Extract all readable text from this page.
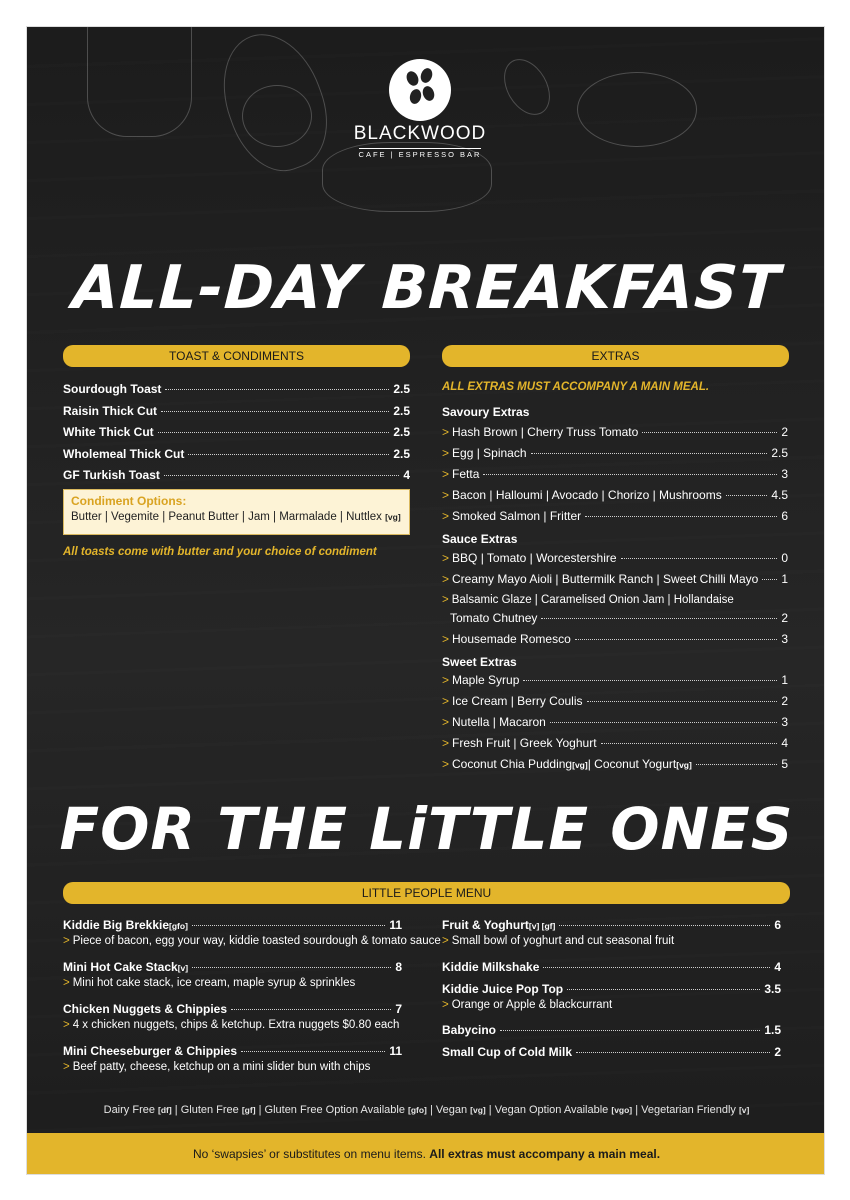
BLACKWOOD
CAFE | ESPRESSO BAR
ALL-DAY BREAKFAST
TOAST & CONDIMENTS
Sourdough Toast	2.5
Raisin Thick Cut	2.5
White Thick Cut	2.5
Wholemeal Thick Cut	2.5
GF Turkish Toast	4
Condiment Options:
Butter | Vegemite | Peanut Butter | Jam | Marmalade | Nuttlex [vg]
All toasts come with butter and your choice of condiment
EXTRAS
ALL EXTRAS MUST ACCOMPANY A MAIN MEAL.
Savoury Extras
> Hash Brown | Cherry Truss Tomato	2
> Egg | Spinach	2.5
> Fetta	3
> Bacon | Halloumi | Avocado | Chorizo | Mushrooms	4.5
> Smoked Salmon | Fritter	6
Sauce Extras
> BBQ | Tomato | Worcestershire	0
> Creamy Mayo Aioli | Buttermilk Ranch | Sweet Chilli Mayo 1
> Balsamic Glaze | Caramelised Onion Jam | Hollandaise
Tomato Chutney	2
> Housemade Romesco	3
Sweet Extras
> Maple Syrup	1
> Ice Cream | Berry Coulis	2
> Nutella | Macaron	3
> Fresh Fruit | Greek Yoghurt	4
> Coconut Chia Pudding [vg] | Coconut Yogurt [vg]	5
FOR THE LiTTLE ONES
LITTLE PEOPLE MENU
Kiddie Big Brekkie [gfo]	11
> Piece of bacon, egg your way, kiddie toasted sourdough & tomato sauce
Mini Hot Cake Stack [v]	8
> Mini hot cake stack, ice cream, maple syrup & sprinkles
Chicken Nuggets & Chippies	7
> 4 x chicken nuggets, chips & ketchup. Extra nuggets $0.80 each
Mini Cheeseburger & Chippies	11
> Beef patty, cheese, ketchup on a mini slider bun with chips
Fruit & Yoghurt [v] [gf]	6
> Small bowl of yoghurt and cut seasonal fruit
Kiddie Milkshake	4
Kiddie Juice Pop Top	3.5
> Orange or Apple & blackcurrant
Babycino	1.5
Small Cup of Cold Milk	2
Dairy Free [df] | Gluten Free [gf] | Gluten Free Option Available [gfo] | Vegan [vg] | Vegan Option Available [vgo] | Vegetarian Friendly [v]
No ‘swapsies’ or substitutes on menu items. All extras must accompany a main meal.
